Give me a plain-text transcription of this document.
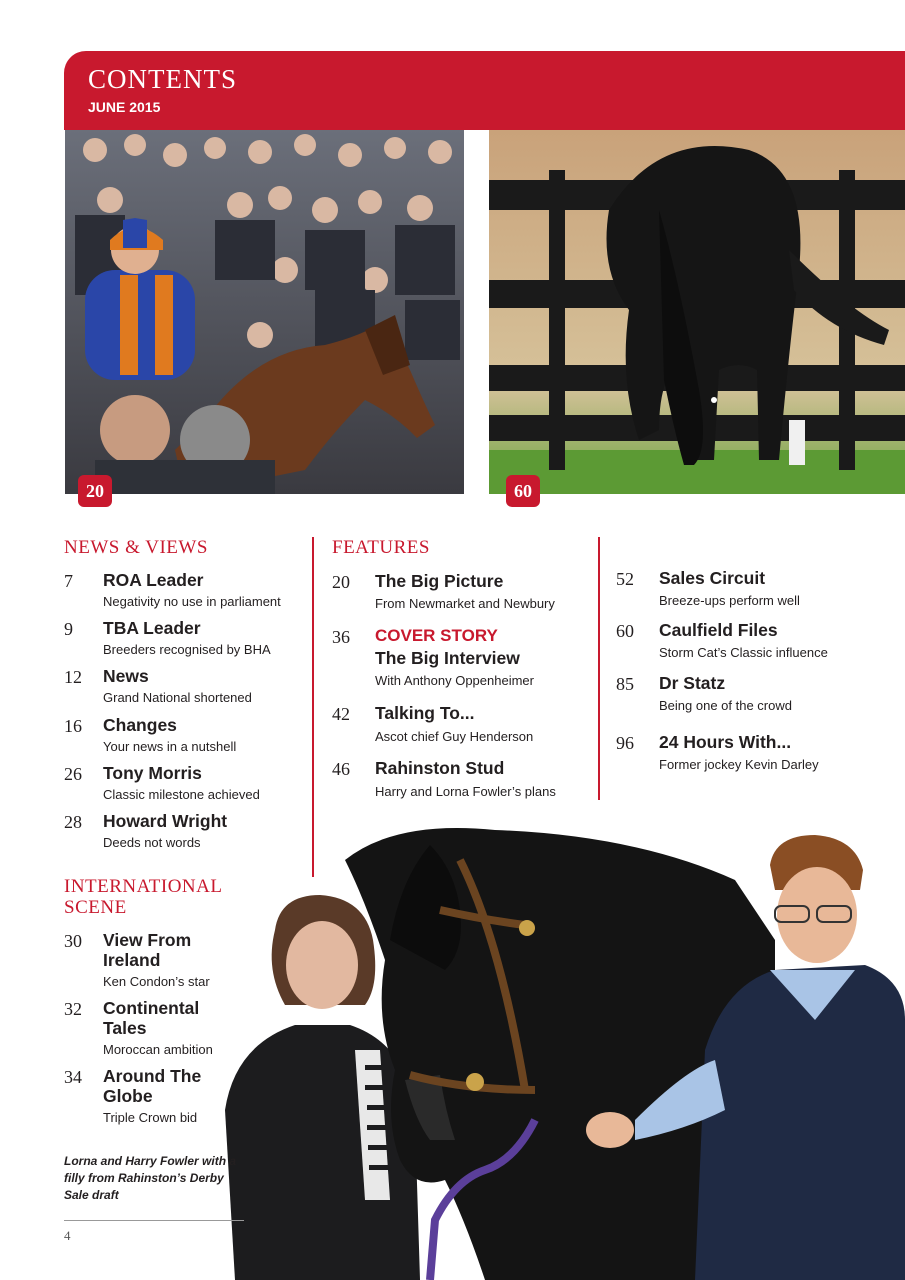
CONTENTS
JUNE 2015
20	60
NEWS & VIEWS
7 ROA Leader
Negativity no use in parliament
9 TBA Leader
Breeders recognised by BHA
12 News
Grand National shortened
16 Changes
Your news in a nutshell
26 Tony Morris
Classic milestone achieved
28 Howard Wright
Deeds not words
INTERNATIONAL
SCENE
30 View From
Ireland
Ken Condon’s star
32 Continental
Tales
Moroccan ambition
34 Around The
Globe
Triple Crown bid
FEATURES
20 The Big Picture
From Newmarket and Newbury
36 COVER STORY
The Big Interview
With Anthony Oppenheimer
42 Talking To...
Ascot chief Guy Henderson
46 Rahinston Stud
Harry and Lorna Fowler’s plans
52 Sales Circuit
Breeze-ups perform well
60 Caulfield Files
Storm Cat’s Classic influence
85 Dr Statz
Being one of the crowd
96 24 Hours With...
Former jockey Kevin Darley
Lorna and Harry Fowler with a filly from Rahinston’s Derby Sale draft
4
